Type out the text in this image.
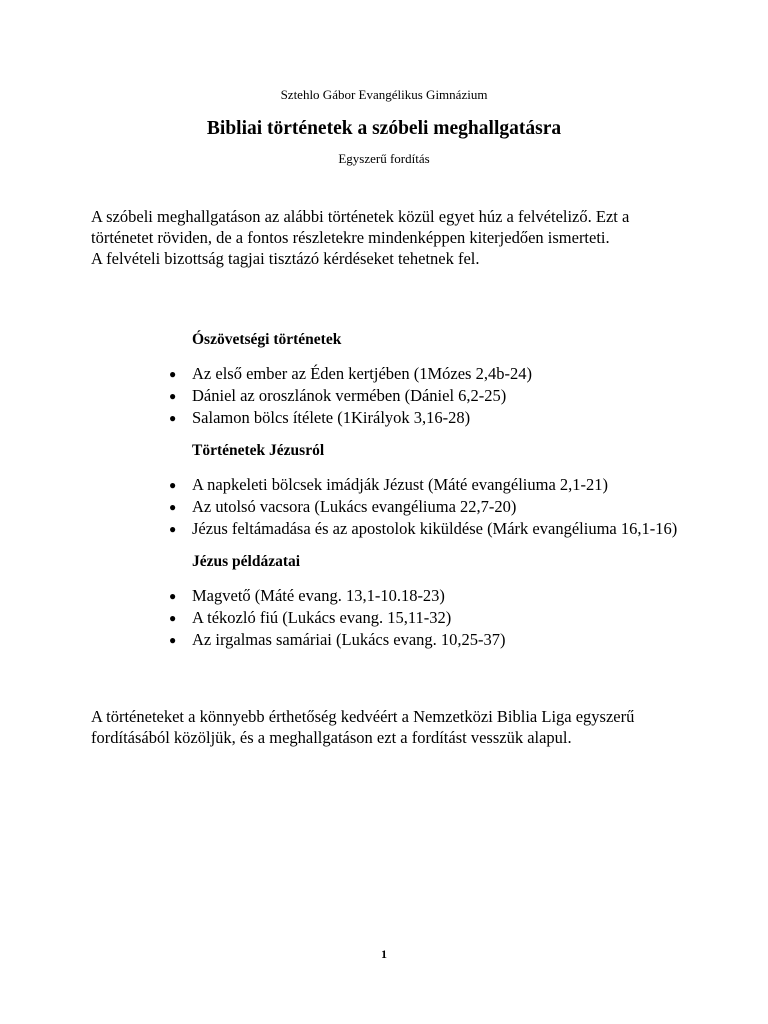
Sztehlo Gábor Evangélikus Gimnázium
Bibliai történetek a szóbeli meghallgatásra
Egyszerű fordítás

A szóbeli meghallgatáson az alábbi történetek közül egyet húz a felvételiző. Ezt a történetet röviden, de a fontos részletekre mindenképpen kiterjedően ismerteti.

A felvételi bizottság tagjai tisztázó kérdéseket tehetnek fel.

Ószövetségi történetek
● Az első ember az Éden kertjében (1Mózes 2,4b-24)
● Dániel az oroszlánok vermében (Dániel 6,2-25)
● Salamon bölcs ítélete (1Királyok 3,16-28)
Történetek Jézusról
● A napkeleti bölcsek imádják Jézust (Máté evangéliuma 2,1-21)
● Az utolsó vacsora (Lukács evangéliuma 22,7-20)
● Jézus feltámadása és az apostolok kiküldése (Márk evangéliuma 16,1-16)
Jézus példázatai
● Magvető (Máté evang. 13,1-10.18-23)
● A tékozló fiú (Lukács evang. 15,11-32)
● Az irgalmas samáriai (Lukács evang. 10,25-37)

A történeteket a könnyebb érthetőség kedvéért a Nemzetközi Biblia Liga egyszerű fordításából közöljük, és a meghallgatáson ezt a fordítást vesszük alapul.

1
